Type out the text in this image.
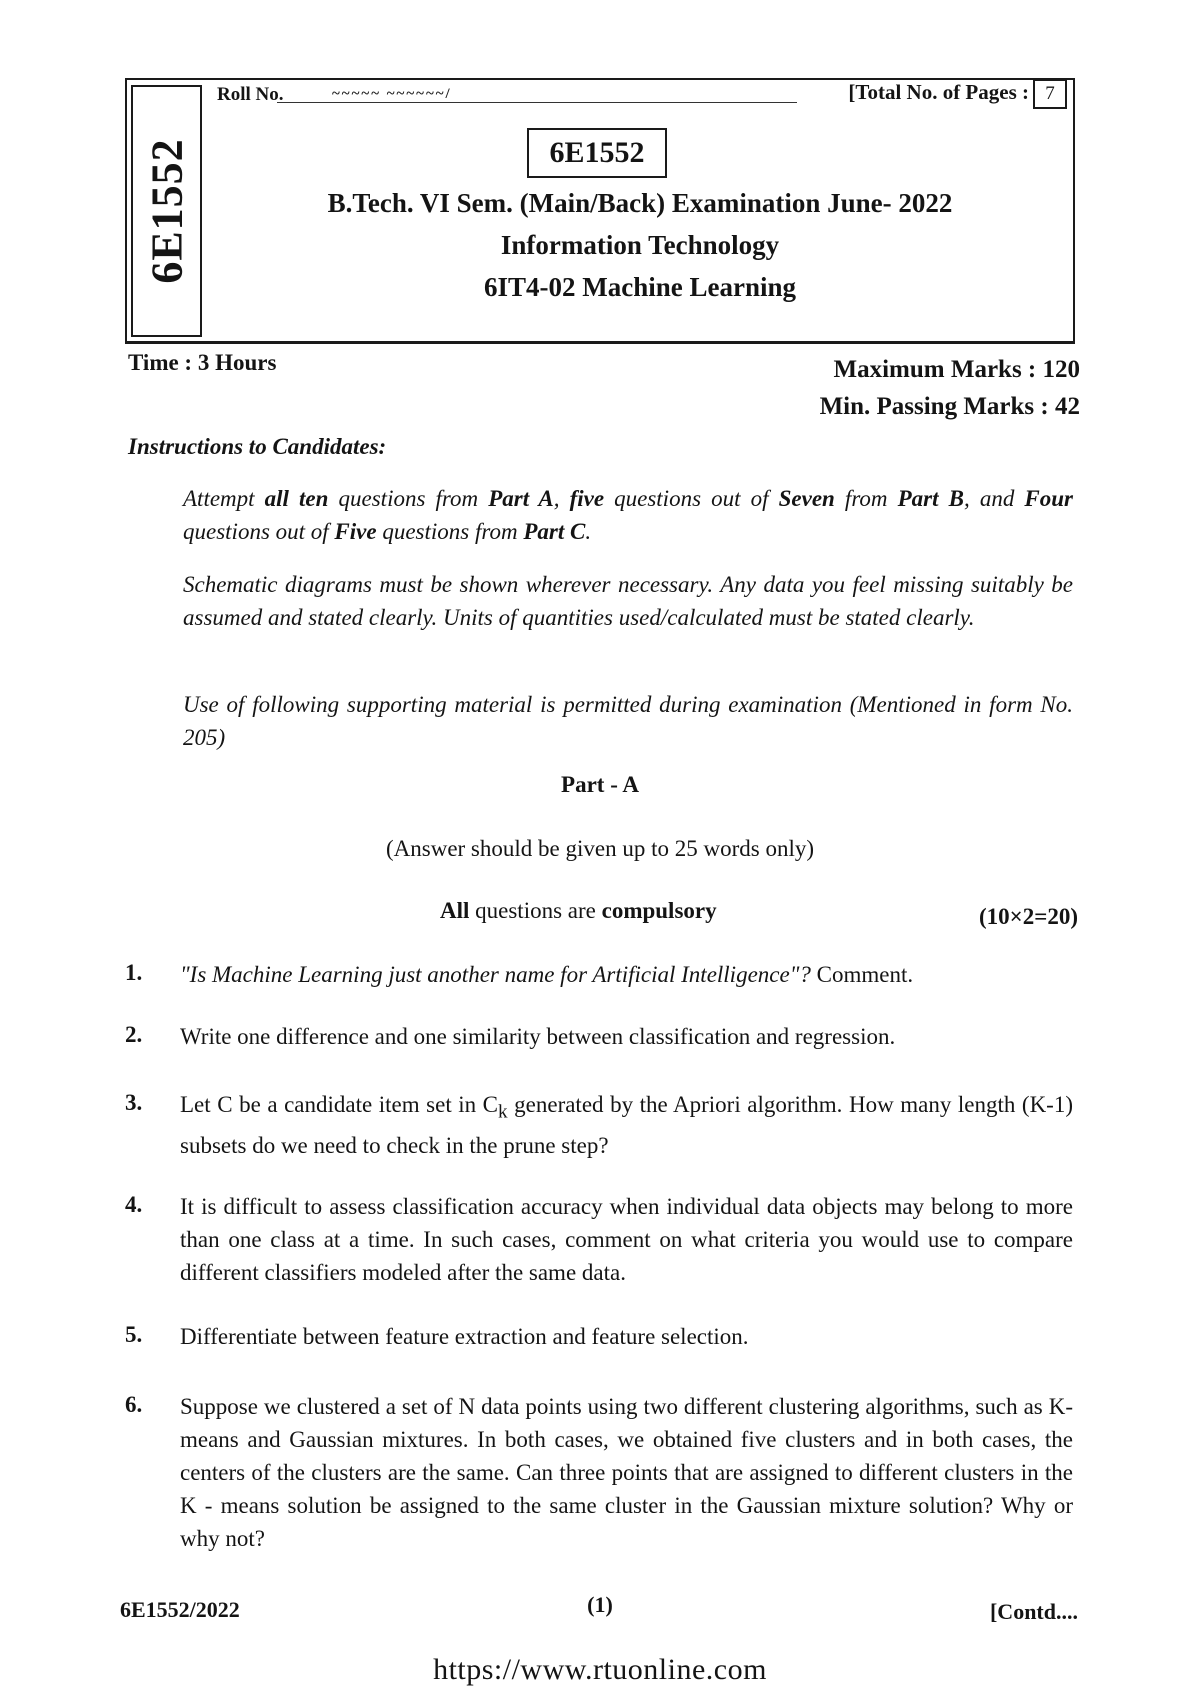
6E1552
Roll No.	~~~~~ ~~~~~~/	[Total No. of Pages : 7
6E1552
B.Tech. VI Sem. (Main/Back) Examination June- 2022
Information Technology
6IT4-02 Machine Learning
Time : 3 Hours	Maximum Marks : 120
Min. Passing Marks : 42
Instructions to Candidates:
Attempt all ten questions from Part A, five questions out of Seven from Part B, and Four questions out of Five questions from Part C.
Schematic diagrams must be shown wherever necessary. Any data you feel missing suitably be assumed and stated clearly. Units of quantities used/calculated must be stated clearly.
Use of following supporting material is permitted during examination (Mentioned in form No. 205)
Part - A
(Answer should be given up to 25 words only)
All questions are compulsory	(10×2=20)
1. "Is Machine Learning just another name for Artificial Intelligence"? Comment.
2. Write one difference and one similarity between classification and regression.
3. Let C be a candidate item set in $C_k$ generated by the Apriori algorithm. How many length (K-1) subsets do we need to check in the prune step?
4. It is difficult to assess classification accuracy when individual data objects may belong to more than one class at a time. In such cases, comment on what criteria you would use to compare different classifiers modeled after the same data.
5. Differentiate between feature extraction and feature selection.
6. Suppose we clustered a set of N data points using two different clustering algorithms, such as K-means and Gaussian mixtures. In both cases, we obtained five clusters and in both cases, the centers of the clusters are the same. Can three points that are assigned to different clusters in the K - means solution be assigned to the same cluster in the Gaussian mixture solution? Why or why not?
6E1552/2022	(1)	[Contd....
https://www.rtuonline.com
